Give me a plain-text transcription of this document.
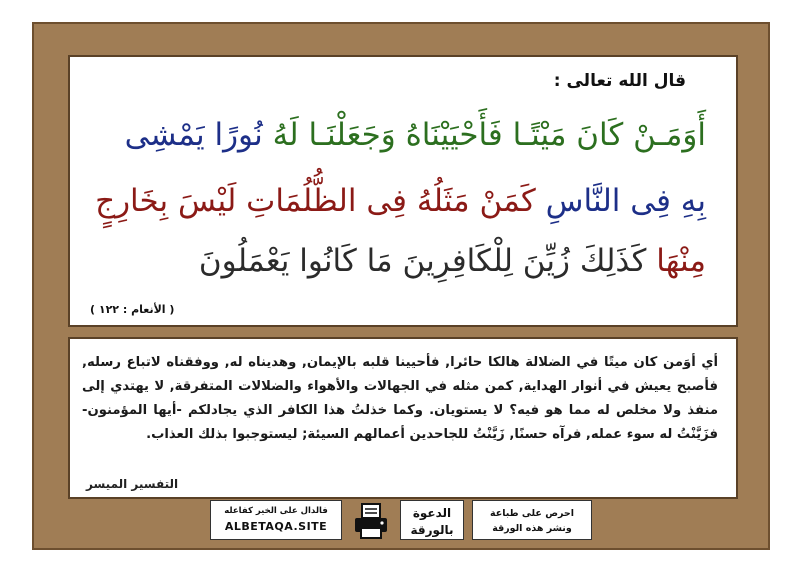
قال الله تعالى :
أَوَمَـنْ كَانَ مَيْتًـا فَأَحْيَيْنَاهُ وَجَعَلْنَـا لَهُ نُورًا يَمْشِى
بِهِ فِى النَّاسِ كَمَنْ مَثَلُهُ فِى الظُّلُمَاتِ لَيْسَ بِخَارِجٍ
مِنْهَا كَذَلِكَ زُيِّنَ لِلْكَافِرِينَ مَا كَانُوا يَعْمَلُونَ
( الأنعام : ١٢٢ )
أي أوَمن كان ميتًا في الضلالة هالكا حائرا, فأحيينا قلبه بالإيمان, وهديناه له, ووفقناه لاتباع رسله, فأصبح يعيش في أنوار الهداية, كمن مثله في الجهالات والأهواء والضلالات المتفرقة, لا يهتدي إلى منفذ ولا مخلص له مما هو فيه؟ لا يستويان. وكما خذلتُ هذا الكافر الذي يجادلكم -أيها المؤمنون- فزَيَّنْتُ له سوء عمله, فرآه حسنًا, زَيَّنْتُ للجاحدين أعمالهم السيئة; ليستوجبوا بذلك العذاب.
التفسير الميسر
فالدال على الخير كفاعله
ALBETAQA.SITE
الدعوة
بالورقة
احرص على طباعة
ونشر هذه الورقة
